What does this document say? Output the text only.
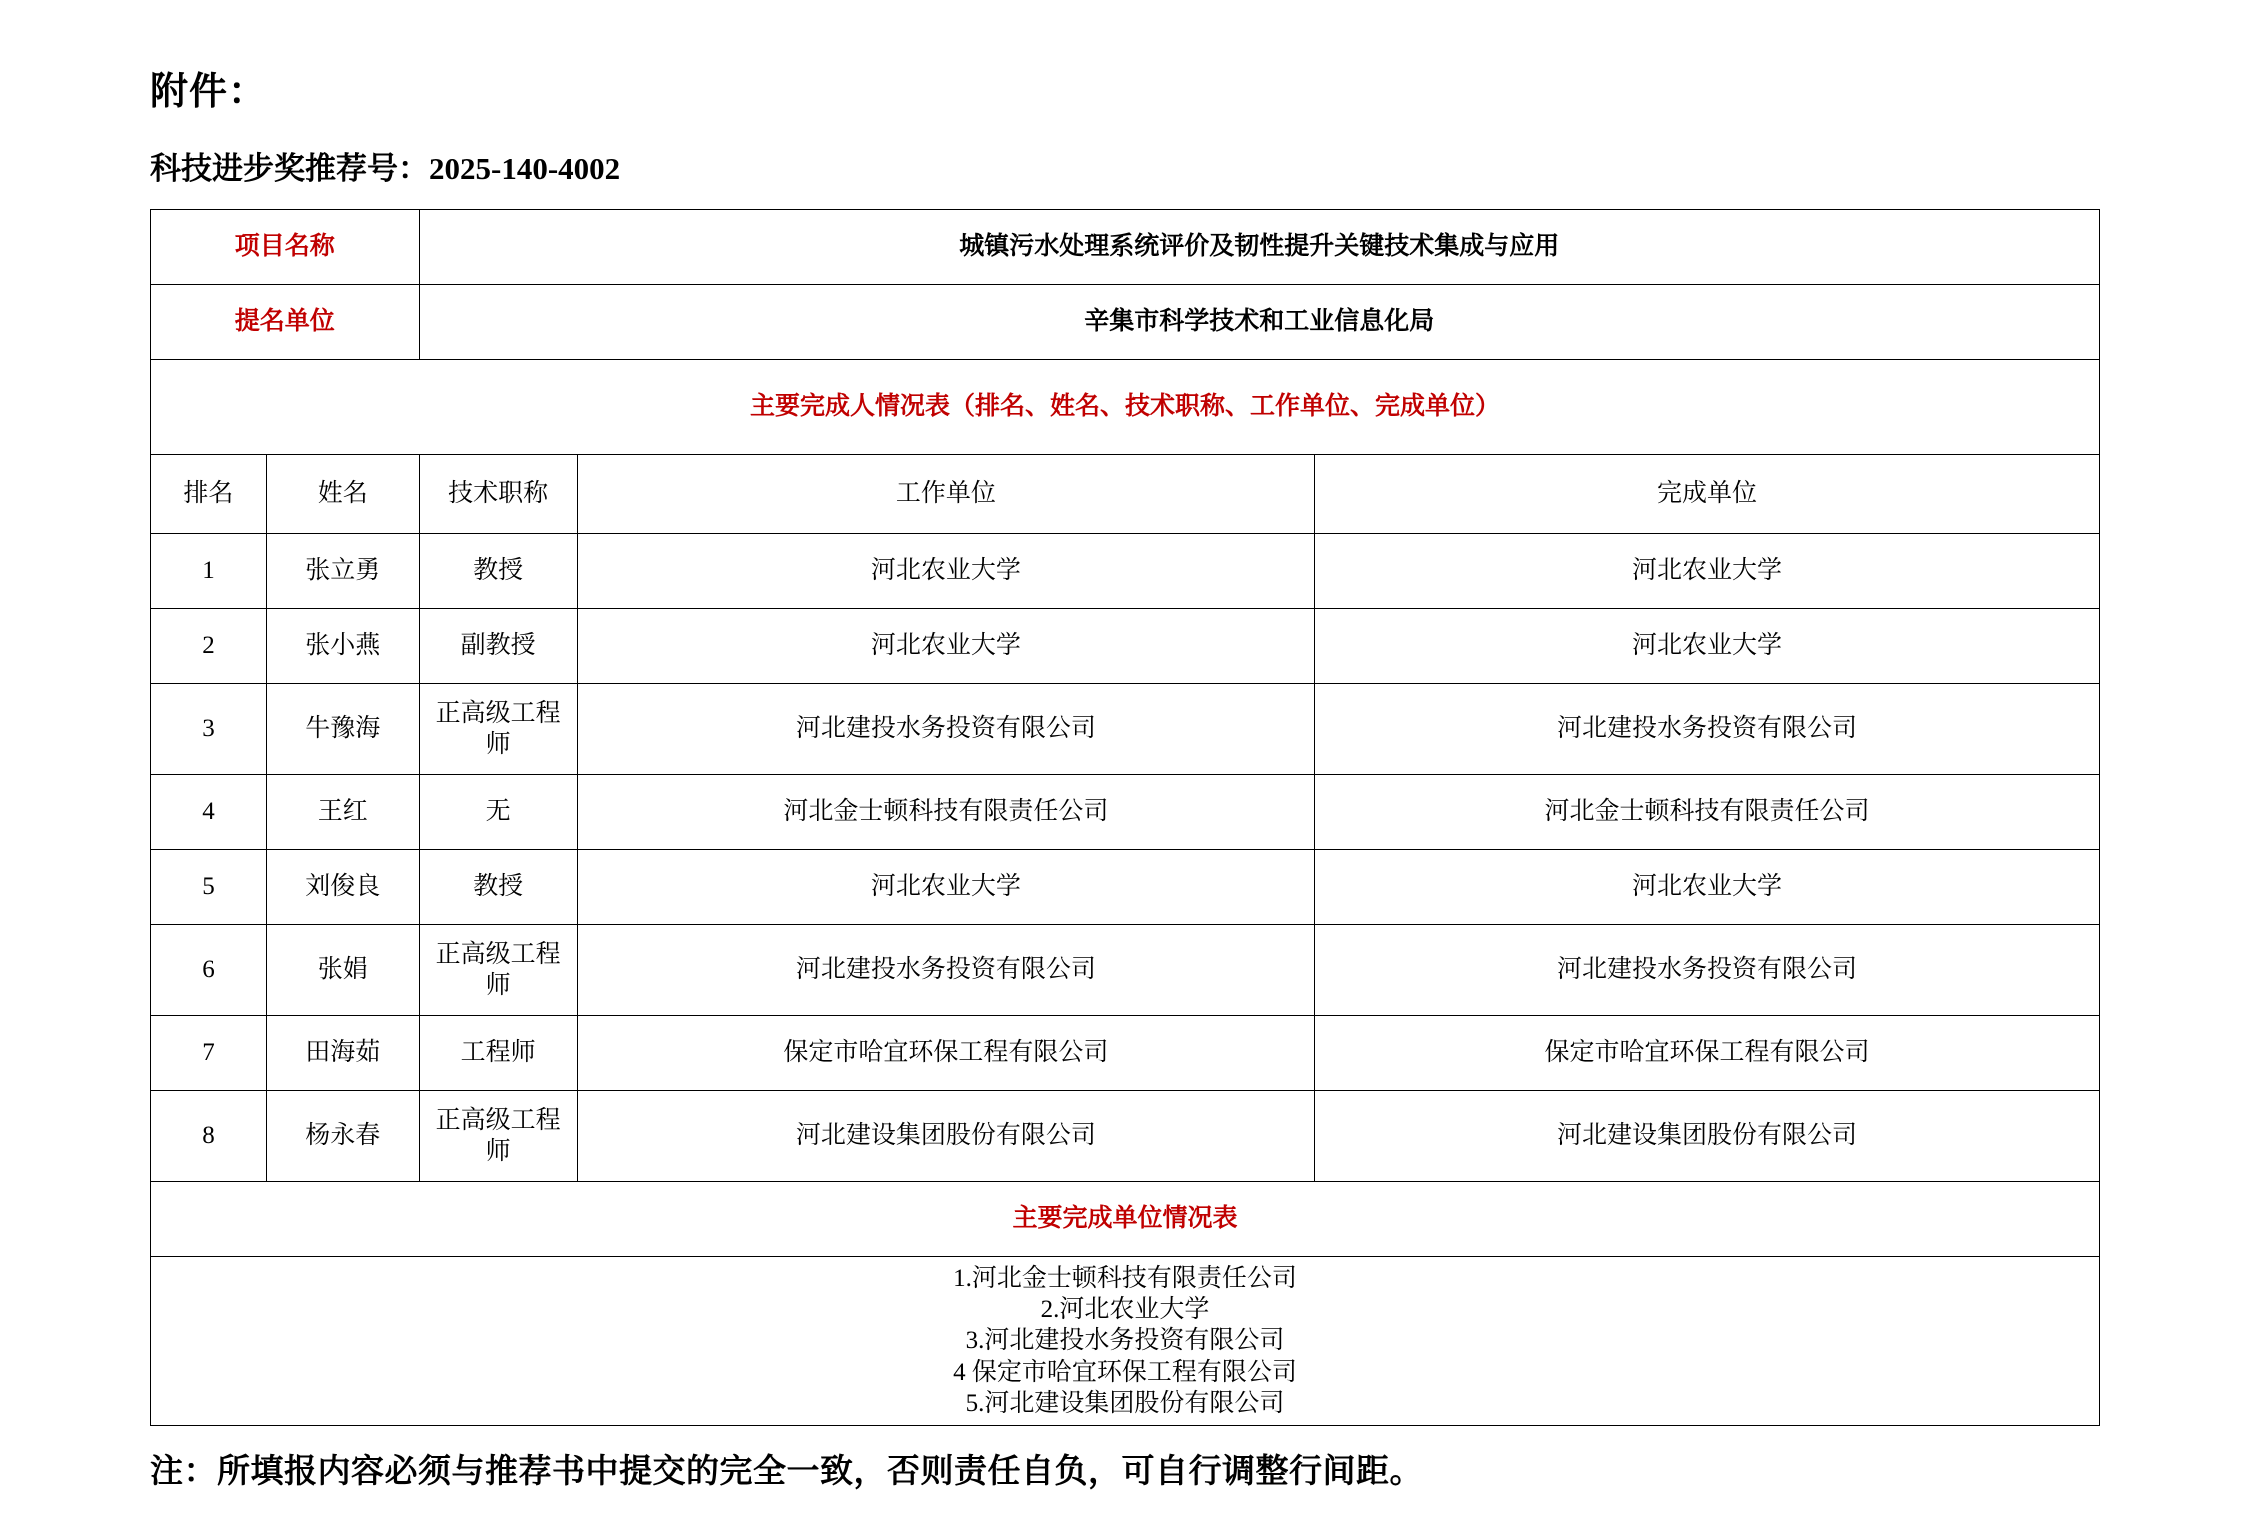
附件：
科技进步奖推荐号：2025-140-4002
项目名称		城镇污水处理系统评价及韧性提升关键技术集成与应用		
提名单位		辛集市科学技术和工业信息化局		
主要完成人情况表（排名、姓名、技术职称、工作单位、完成单位）				
排名	姓名	技术职称	工作单位	完成单位
1	张立勇	教授	河北农业大学	河北农业大学
2	张小燕	副教授	河北农业大学	河北农业大学
3	牛豫海	正高级工程师	河北建投水务投资有限公司	河北建投水务投资有限公司
4	王红	无	河北金士顿科技有限责任公司	河北金士顿科技有限责任公司
5	刘俊良	教授	河北农业大学	河北农业大学
6	张娟	正高级工程师	河北建投水务投资有限公司	河北建投水务投资有限公司
7	田海茹	工程师	保定市哈宜环保工程有限公司	保定市哈宜环保工程有限公司
8	杨永春	正高级工程师	河北建设集团股份有限公司	河北建设集团股份有限公司
主要完成单位情况表				

1.河北金士顿科技有限责任公司
2.河北农业大学
3.河北建投水务投资有限公司
4 保定市哈宜环保工程有限公司
5.河北建设集团股份有限公司				
注：所填报内容必须与推荐书中提交的完全一致，否则责任自负，可自行调整行间距。
